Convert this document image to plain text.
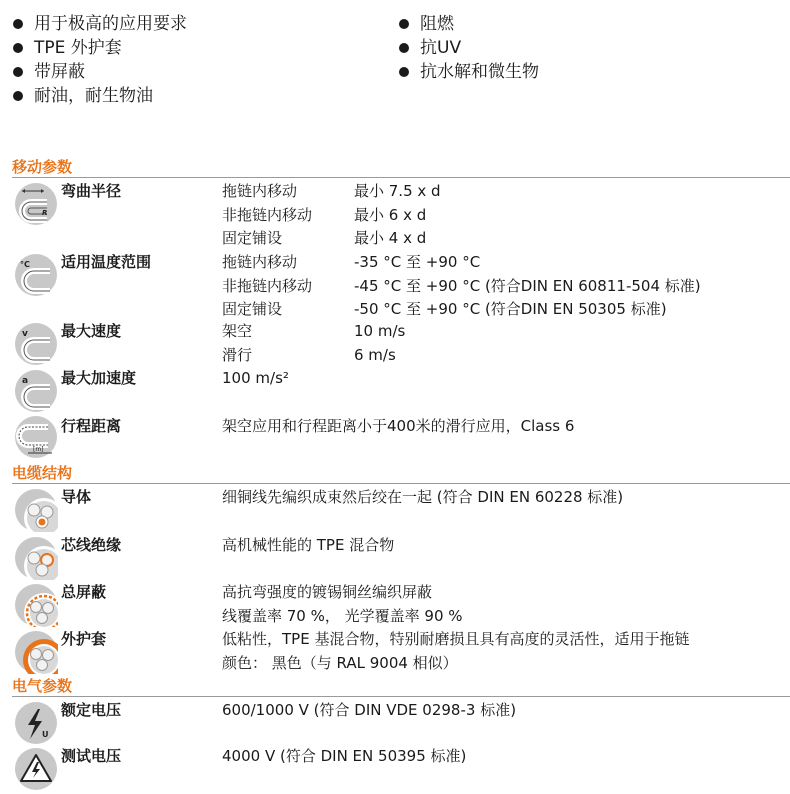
用于极高的应用要求
TPE 外护套
带屏蔽
耐油，耐生物油
阻燃
抗UV
抗水解和微生物
移动参数
R
弯曲半径	拖链内移动	最小 7.5 x d
非拖链内移动	最小 6 x d
固定铺设	最小 4 x d
°C 适用温度范围	拖链内移动	-35 °C 至 +90 °C
非拖链内移动	-45 °C 至 +90 °C (符合DIN EN 60811-504 标准)
固定铺设	-50 °C 至 +90 °C (符合DIN EN 50305 标准)
v 最大速度	架空	10 m/s
滑行	6 m/s
a 最大加速度	100 m/s²
[m]
行程距离	架空应用和行程距离小于400米的滑行应用，Class 6
电缆结构
导体	细铜线先编织成束然后绞在一起 (符合 DIN EN 60228 标准)
芯线绝缘	高机械性能的 TPE 混合物
总屏蔽	高抗弯强度的镀锡铜丝编织屏蔽
线覆盖率 70 %， 光学覆盖率 90 %
外护套	低粘性，TPE 基混合物，特别耐磨损且具有高度的灵活性，适用于拖链
颜色： 黑色（与 RAL 9004 相似）
电气参数
U
额定电压	600/1000 V (符合 DIN VDE 0298-3 标准)
测试电压	4000 V (符合 DIN EN 50395 标准)
